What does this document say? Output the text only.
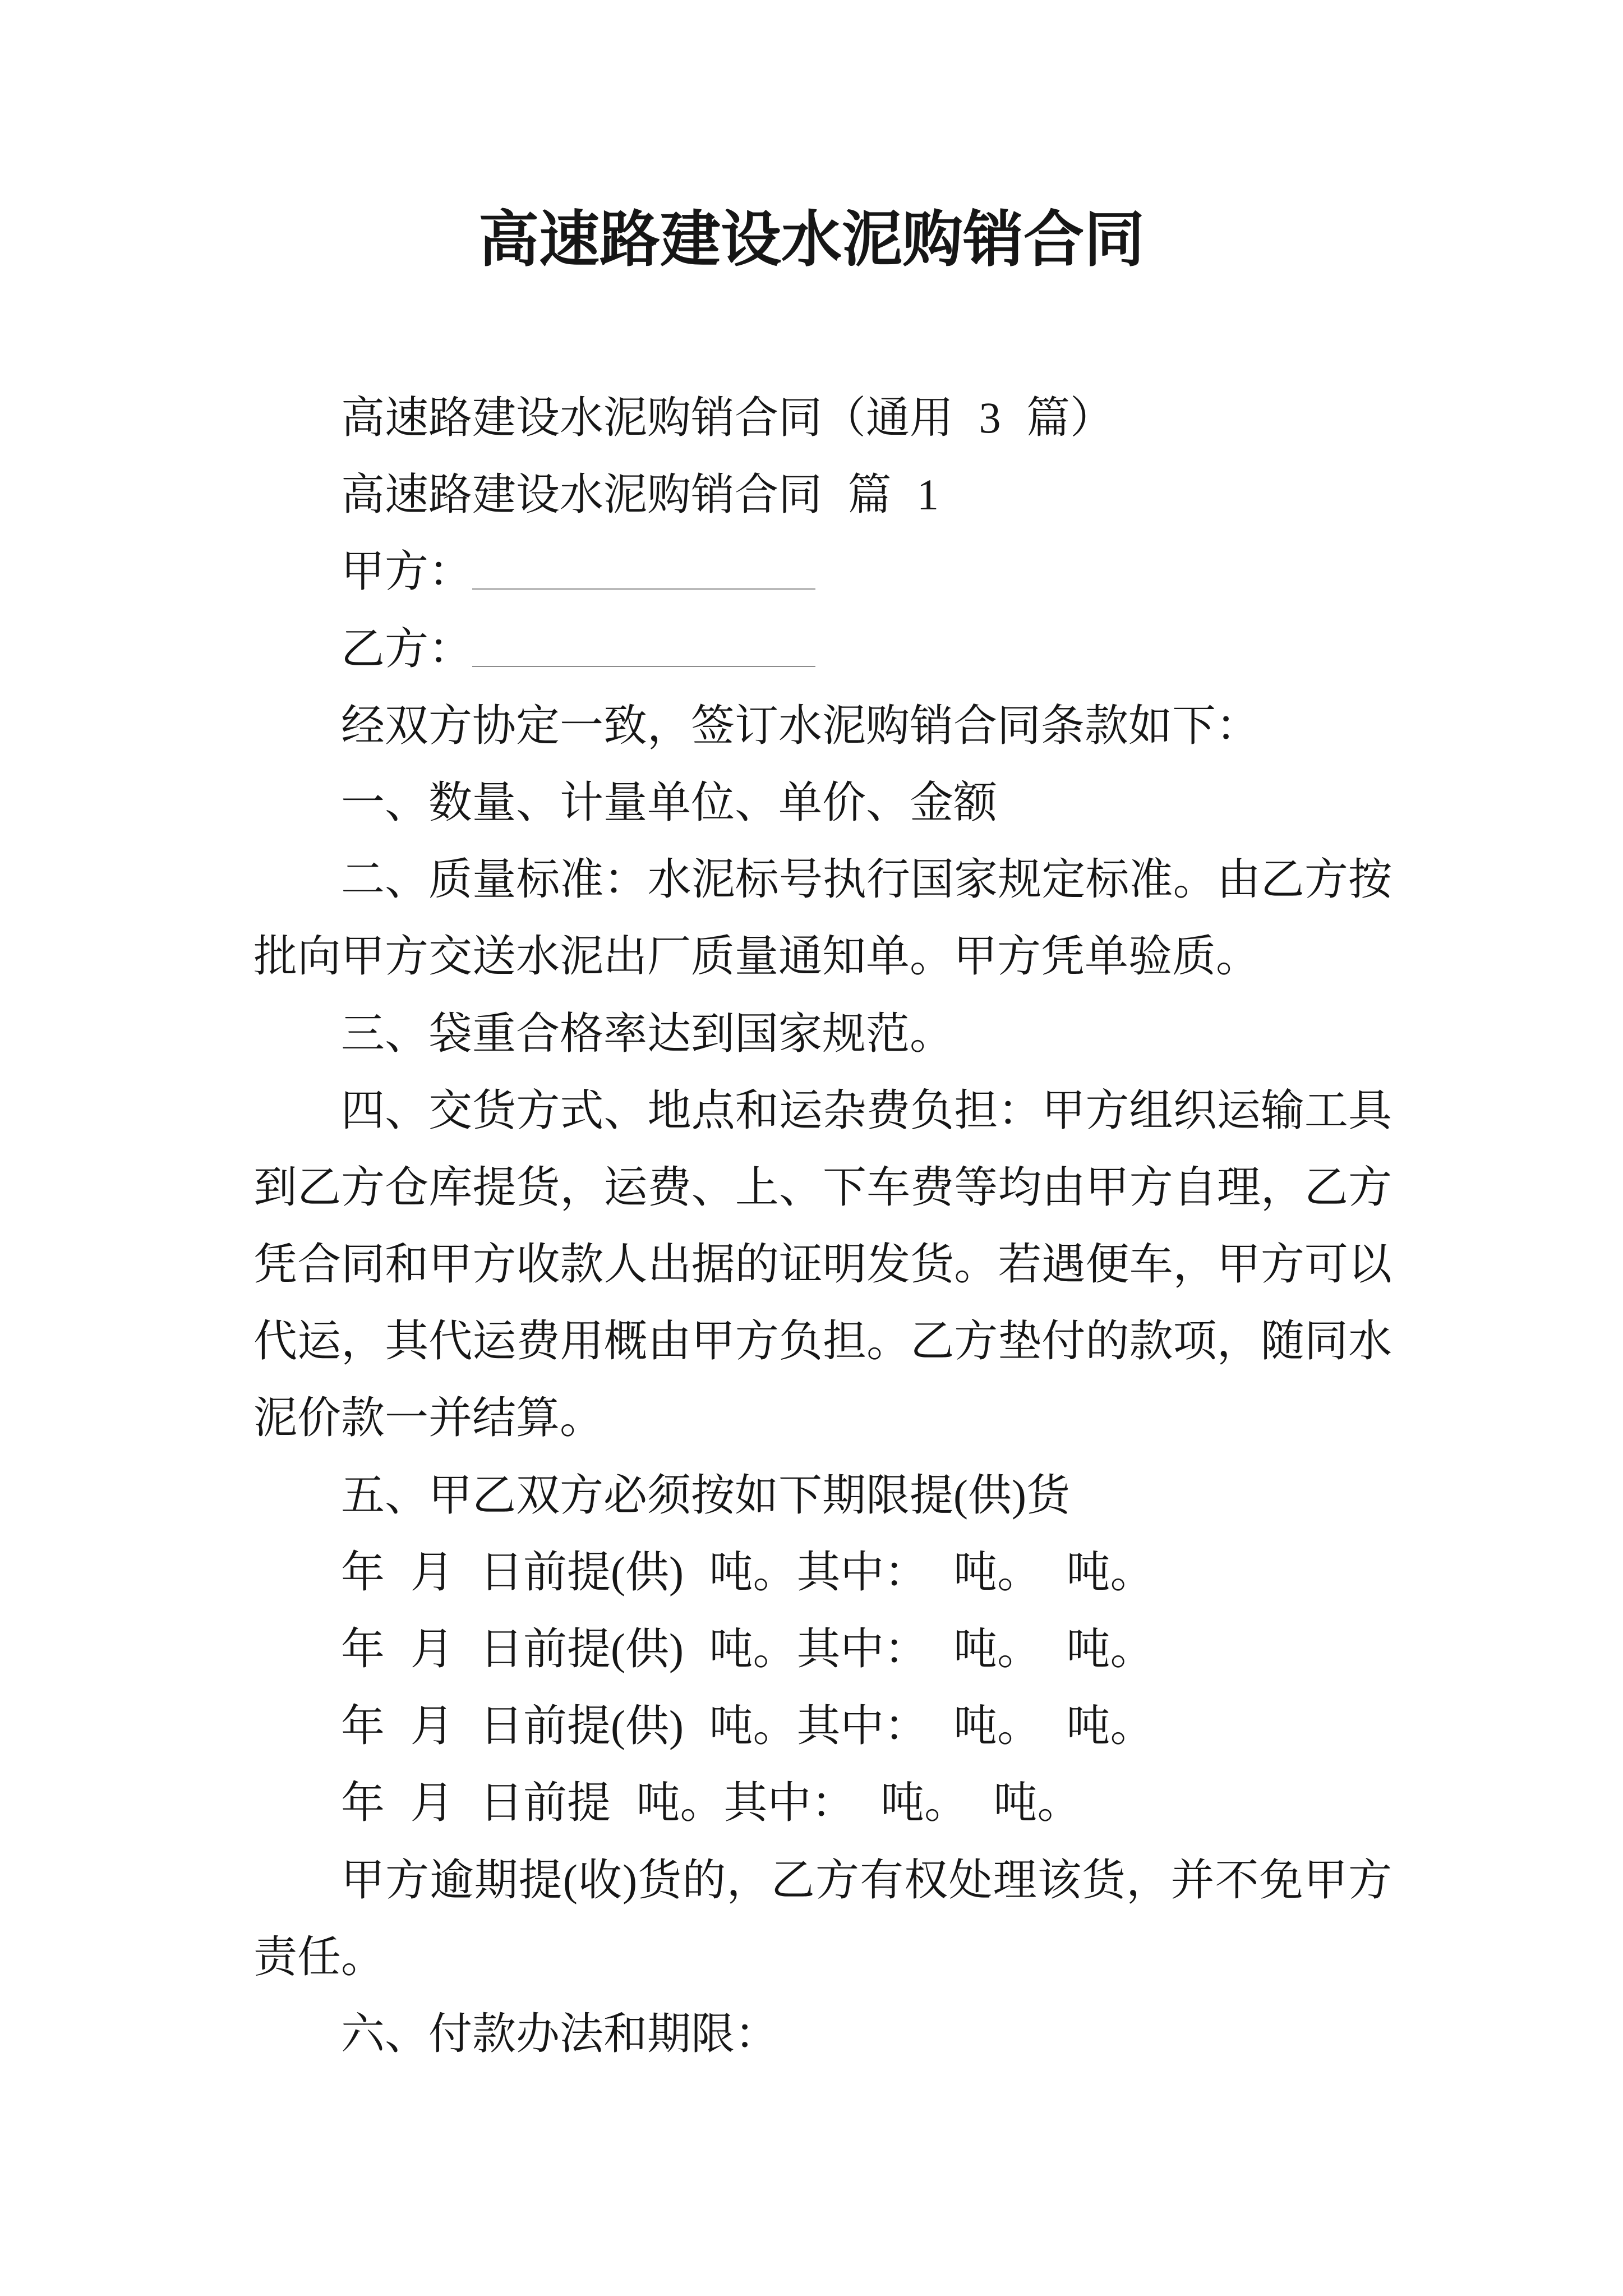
高速路建设水泥购销合同
高速路建设水泥购销合同（通用 3 篇）
高速路建设水泥购销合同 篇 1
甲方：
乙方：
经双方协定一致，签订水泥购销合同条款如下：
一、数量、计量单位、单价、金额
二、质量标准：水泥标号执行国家规定标准。由乙方按
批向甲方交送水泥出厂质量通知单。甲方凭单验质。
三、袋重合格率达到国家规范。
四、交货方式、地点和运杂费负担：甲方组织运输工具
到乙方仓库提货，运费、上、下车费等均由甲方自理，乙方
凭合同和甲方收款人出据的证明发货。若遇便车，甲方可以
代运，其代运费用概由甲方负担。乙方垫付的款项，随同水
泥价款一并结算。
五、甲乙双方必须按如下期限提(供)货
年 月 日前提(供) 吨。其中： 吨。 吨。
年 月 日前提(供) 吨。其中： 吨。 吨。
年 月 日前提(供) 吨。其中： 吨。 吨。
年 月 日前提 吨。其中： 吨。 吨。
甲方逾期提(收)货的，乙方有权处理该货，并不免甲方
责任。
六、付款办法和期限：
